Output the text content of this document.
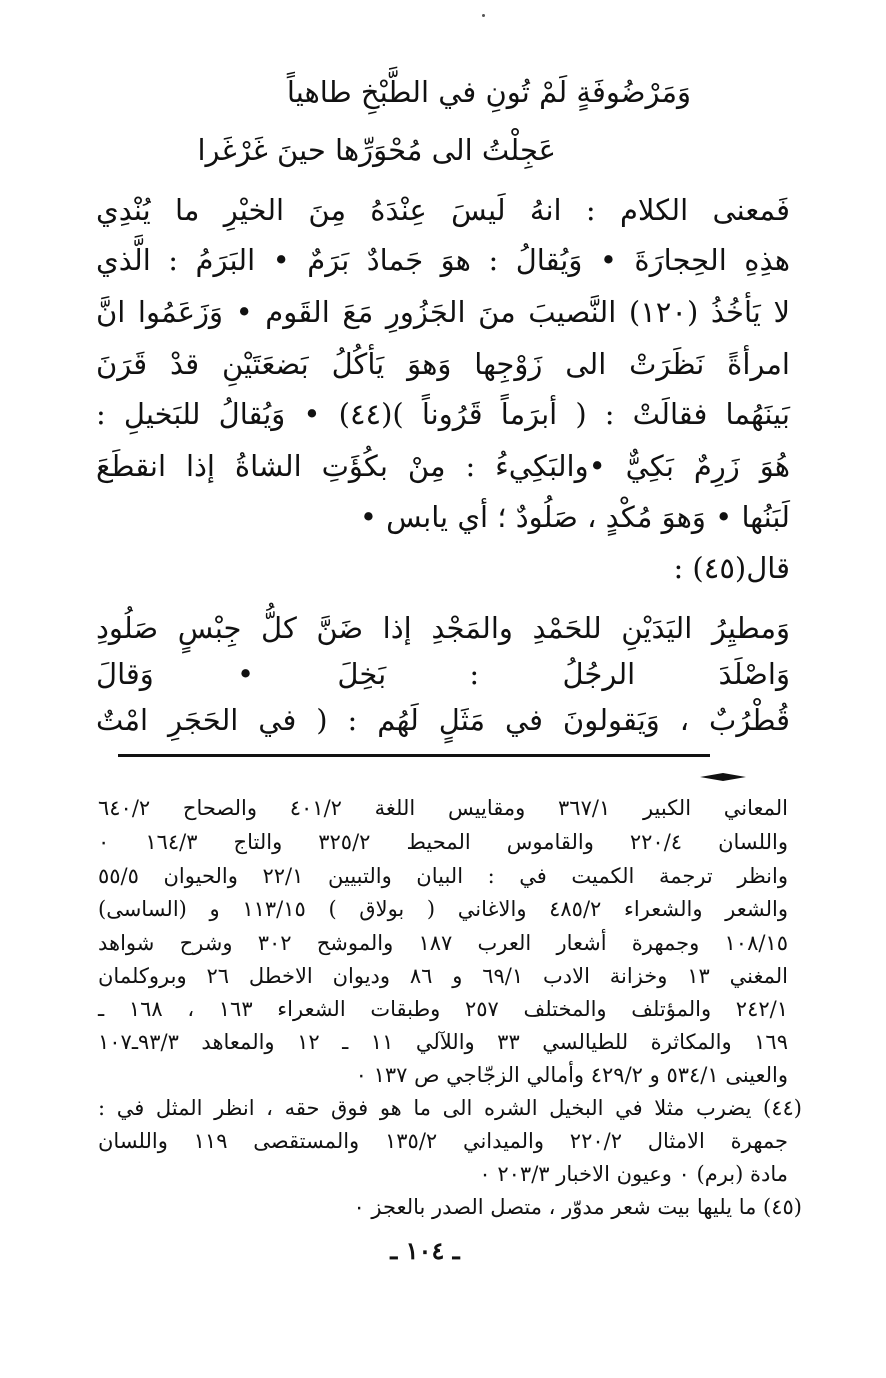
وَمَرْضُوفَةٍ لَمْ تُونِ في الطَّبْخِ طاهياً
عَجِلْتُ الى مُحْوَرِّها حينَ غَرْغَرا
فَمعنى الكلام : انهُ لَيسَ عِنْدَهُ مِنَ الخيْرِ ما يُنْدِي
هذِهِ الحِجارَةَ • وَيُقالُ : هوَ جَمادٌ بَرَمٌ • البَرَمُ : الَّذي
لا يَأخُذُ (١٢٠) النَّصيبَ منَ الجَزُورِ مَعَ القَوم • وَزَعَمُوا انَّ
امرأةً نَظَرَتْ الى زَوْجِها وَهوَ يَأكُلُ بَضعَتَيْنِ قدْ قَرَنَ
بَينَهُما فقالَتْ : ( أبرَماً قَرُوناً )(٤٤) • وَيُقالُ للبَخيلِ :
هُوَ زَرِمٌ بَكِيٌّ •والبَكِيءُ : مِنْ بكُؤَتِ الشاةُ إذا انقطَعَ
لَبَنُها • وَهوَ مُكْدٍ ، صَلُودٌ ؛ أي يابس •
قال(٤٥) :
وَمطيِرُ اليَدَيْنِ للحَمْدِ والمَجْدِ إذا ضَنَّ كلُّ جِبْسٍ صَلُودِ
وَاصْلَدَ الرجُلُ : بَخِلَ • وَقالَ
قُطْرُبٌ ، وَيَقولونَ في مَثَلٍ لَهُم : ( في الحَجَرِ امْتٌ
المعاني الكبير ٣٦٧/١ ومقاييس اللغة ٤٠١/٢ والصحاح ٦٤٠/٢
واللسان ٢٢٠/٤ والقاموس المحيط ٣٢٥/٢ والتاج ١٦٤/٣ ٠
وانظر ترجمة الكميت في : البيان والتبيين ٢٢/١ والحيوان ٥٥/٥
والشعر والشعراء ٤٨٥/٢ والاغاني ( بولاق ) ١١٣/١٥ و (الساسى)
١٠٨/١٥ وجمهرة أشعار العرب ١٨٧ والموشح ٣٠٢ وشرح شواهد
المغني ١٣ وخزانة الادب ٦٩/١ و ٨٦ وديوان الاخطل ٢٦ وبروكلمان
٢٤٢/١ والمؤتلف والمختلف ٢٥٧ وطبقات الشعراء ١٦٣ ، ١٦٨ ـ
١٦٩ والمكاثرة للطيالسي ٣٣ واللآلي ١١ ـ ١٢ والمعاهد ٩٣/٣ـ١٠٧
والعينى ٥٣٤/١ و ٤٢٩/٢ وأمالي الزجّاجي ص ١٣٧ ٠
(٤٤) يضرب مثلا في البخيل الشره الى ما هو فوق حقه ، انظر المثل في :
جمهرة الامثال ٢٢٠/٢ والميداني ١٣٥/٢ والمستقصى ١١٩ واللسان
مادة (برم) ٠ وعيون الاخبار ٢٠٣/٣ ٠
(٤٥) ما يليها بيت شعر مدوّر ، متصل الصدر بالعجز ٠
ـ ١٠٤ ـ
